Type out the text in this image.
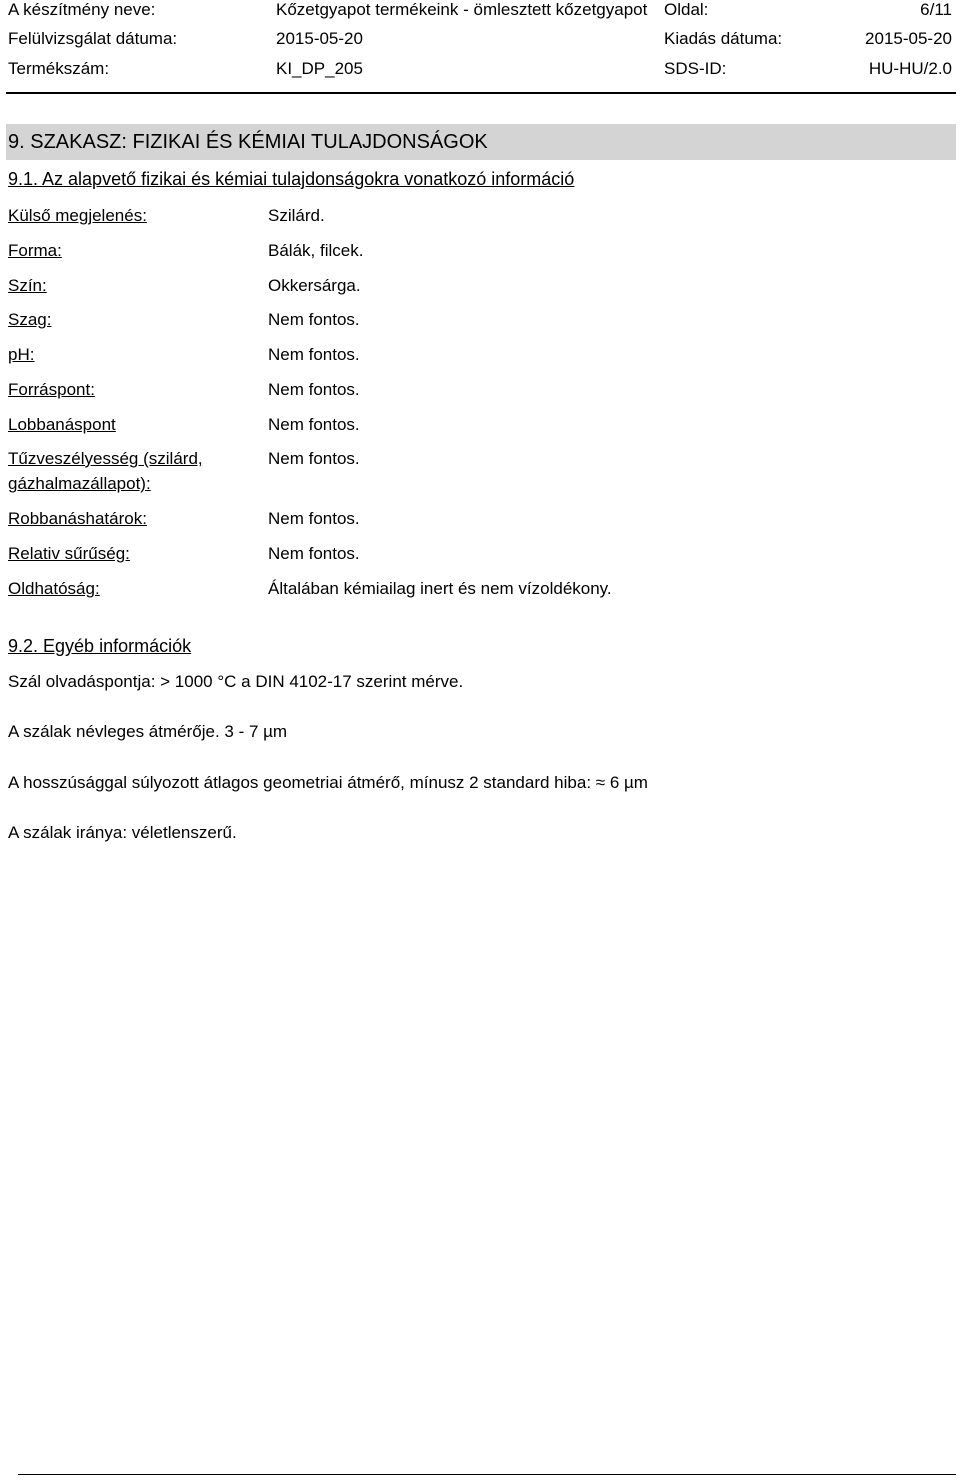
A készítmény neve:	Kőzetgyapot termékeink - ömlesztett kőzetgyapot Oldal:	6/11
Felülvizsgálat dátuma:	2015-05-20	Kiadás dátuma:	2015-05-20
Termékszám:	KI_DP_205	SDS-ID:	HU-HU/2.0
9. SZAKASZ: FIZIKAI ÉS KÉMIAI TULAJDONSÁGOK
9.1. Az alapvető fizikai és kémiai tulajdonságokra vonatkozó információ
Külső megjelenés:	Szilárd.
Forma:	Bálák, filcek.
Szín:	Okkersárga.
Szag:	Nem fontos.
pH:	Nem fontos.
Forráspont:	Nem fontos.
Lobbanáspont	Nem fontos.
Tűzveszélyesség (szilárd, gázhalmazállapot):
Nem fontos.
Robbanáshatárok:	Nem fontos.
Relativ sűrűség:	Nem fontos.
Oldhatóság:	Általában kémiailag inert és nem vízoldékony.
9.2. Egyéb információk
Szál olvadáspontja: > 1000 °C a DIN 4102-17 szerint mérve.
A szálak névleges átmérője. 3 - 7 µm
A hosszúsággal súlyozott átlagos geometriai átmérő, mínusz 2 standard hiba: ≈ 6 µm
A szálak iránya: véletlenszerű.
